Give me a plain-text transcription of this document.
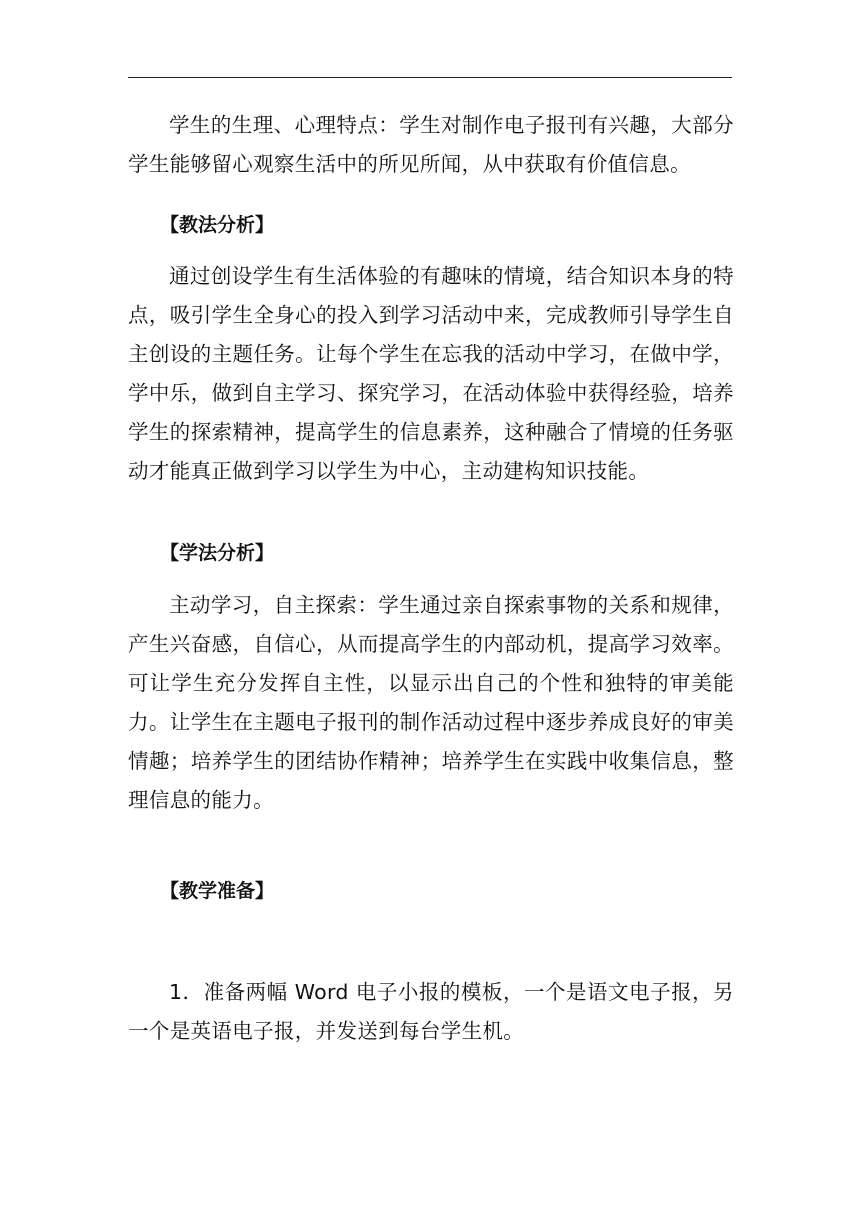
学生的生理、心理特点：学生对制作电子报刊有兴趣，大部分学生能够留心观察生活中的所见所闻，从中获取有价值信息。

【教法分析】

通过创设学生有生活体验的有趣味的情境，结合知识本身的特点，吸引学生全身心的投入到学习活动中来，完成教师引导学生自主创设的主题任务。让每个学生在忘我的活动中学习，在做中学，学中乐，做到自主学习、探究学习，在活动体验中获得经验，培养学生的探索精神，提高学生的信息素养，这种融合了情境的任务驱动才能真正做到学习以学生为中心，主动建构知识技能。

【学法分析】

主动学习，自主探索：学生通过亲自探索事物的关系和规律，产生兴奋感，自信心，从而提高学生的内部动机，提高学习效率。可让学生充分发挥自主性，以显示出自己的个性和独特的审美能力。让学生在主题电子报刊的制作活动过程中逐步养成良好的审美情趣；培养学生的团结协作精神；培养学生在实践中收集信息，整理信息的能力。

【教学准备】

1．准备两幅 Word 电子小报的模板，一个是语文电子报，另一个是英语电子报，并发送到每台学生机。
